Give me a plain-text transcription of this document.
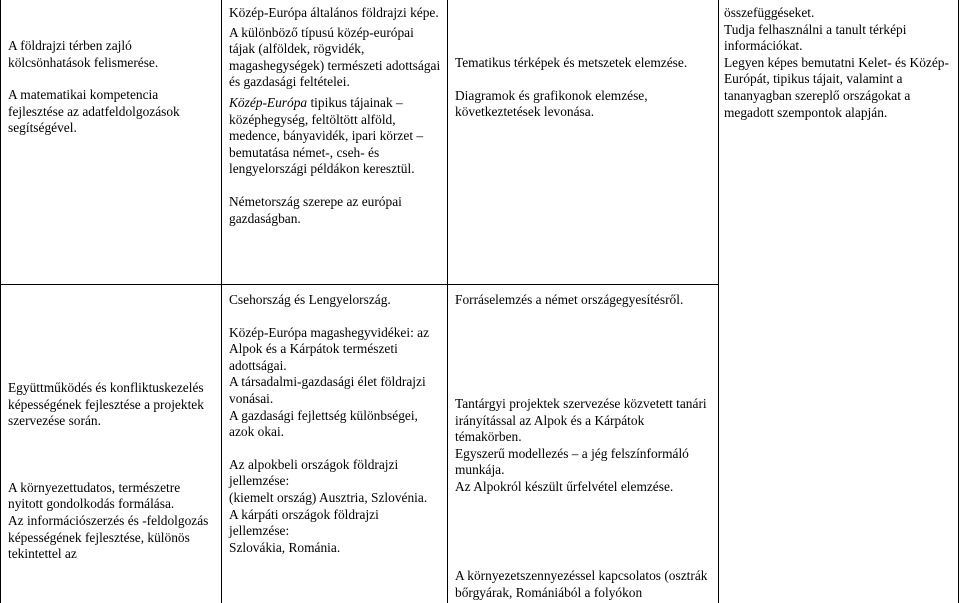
A földrajzi térben zajló kölcsönhatások felismerése.

A matematikai kompetencia fejlesztése az adatfeldolgozások segítségével.

Együttműködés és konfliktuskezelés képességének fejlesztése a projektek szervezése során.

A környezettudatos, természetre nyitott gondolkodás formálása.

Az információszerzés és -feldolgozás képességének fejlesztése, különös tekintettel az

Közép-Európa általános földrajzi képe.

A különböző típusú közép-európai tájak (alföldek, rögvidék, magashegységek) természeti adottságai és gazdasági feltételei.

Közép-Európa tipikus tájainak – középhegység, feltöltött alföld, medence, bányavidék, ipari körzet – bemutatása német-, cseh- és lengyelországi példákon keresztül.

Németország szerepe az európai gazdaságban.

Csehország és Lengyelország.

Közép-Európa magashegyvidékei: az Alpok és a Kárpátok természeti adottságai.

A társadalmi-gazdasági élet földrajzi vonásai.

A gazdasági fejlettség különbségei, azok okai.

Az alpokbeli országok földrajzi jellemzése:

(kiemelt ország) Ausztria, Szlovénia.

A kárpáti országok földrajzi jellemzése:

Szlovákia, Románia.

Tematikus térképek és metszetek elemzése.

Diagramok és grafikonok elemzése, következtetések levonása.

Forráselemzés a német országegyesítésről.

Tantárgyi projektek szervezése közvetett tanári irányítással az Alpok és a Kárpátok témakörben.

Egyszerű modellezés – a jég felszínformáló munkája.

Az Alpokról készült űrfelvétel elemzése.

A környezetszennyezéssel kapcsolatos (osztrák bőrgyárak, Romániából a folyókon

összefüggéseket.

Tudja felhasználni a tanult térképi információkat.

Legyen képes bemutatni Kelet- és Közép-Európát, tipikus tájait, valamint a tananyagban szereplő országokat a megadott szempontok alapján.
